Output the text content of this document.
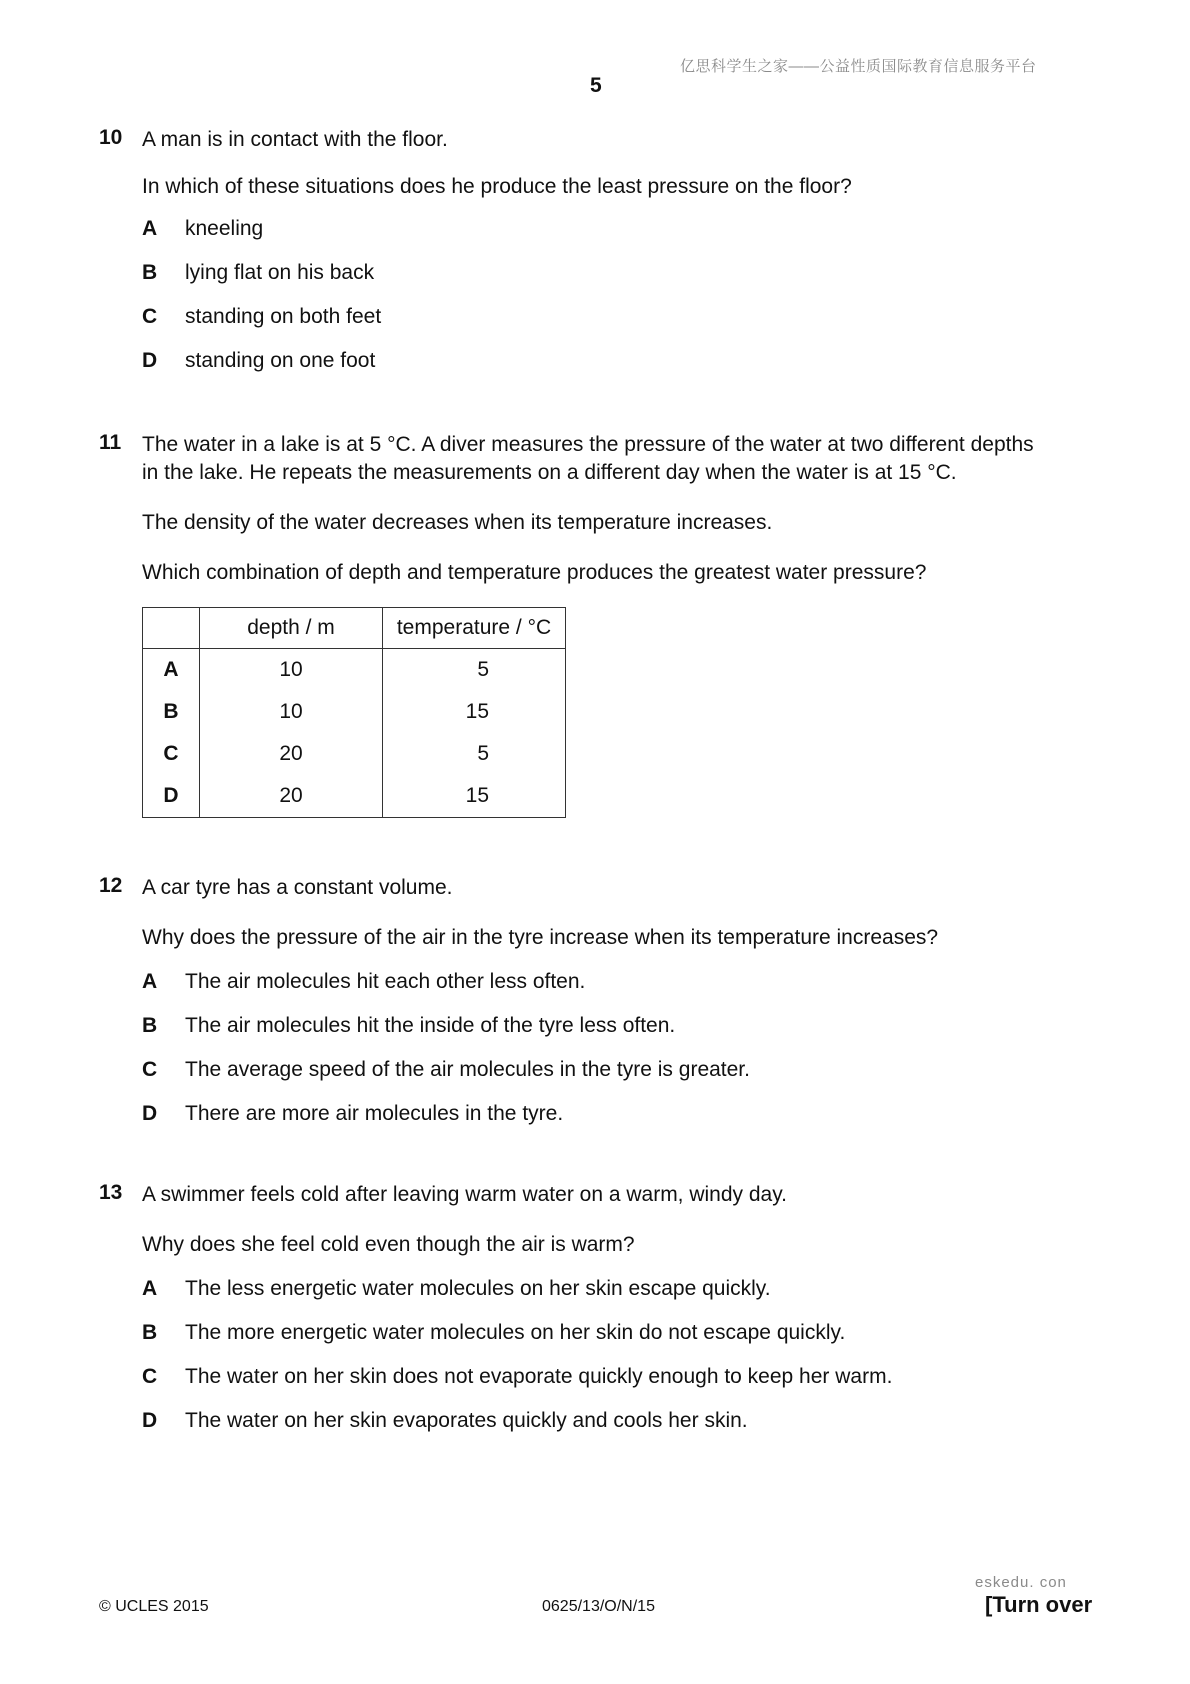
亿思科学生之家——公益性质国际教育信息服务平台
5
10 A man is in contact with the floor.

In which of these situations does he produce the least pressure on the floor?

A kneeling
B lying flat on his back
C standing on both feet
D standing on one foot
11 The water in a lake is at 5 °C. A diver measures the pressure of the water at two different depths

in the lake. He repeats the measurements on a different day when the water is at 15 °C.

The density of the water decreases when its temperature increases.

Which combination of depth and temperature produces the greatest water pressure?

	depth / m	temperature / °C
A	10	5
B	10	15
C	20	5
D	20	15
12 A car tyre has a constant volume.

Why does the pressure of the air in the tyre increase when its temperature increases?

A The air molecules hit each other less often.
B The air molecules hit the inside of the tyre less often.
C The average speed of the air molecules in the tyre is greater.
D There are more air molecules in the tyre.
13 A swimmer feels cold after leaving warm water on a warm, windy day.

Why does she feel cold even though the air is warm?

A The less energetic water molecules on her skin escape quickly.
B The more energetic water molecules on her skin do not escape quickly.
C The water on her skin does not evaporate quickly enough to keep her warm.
D The water on her skin evaporates quickly and cools her skin.
eskedu. con
© UCLES 2015	0625/13/O/N/15	[Turn over
